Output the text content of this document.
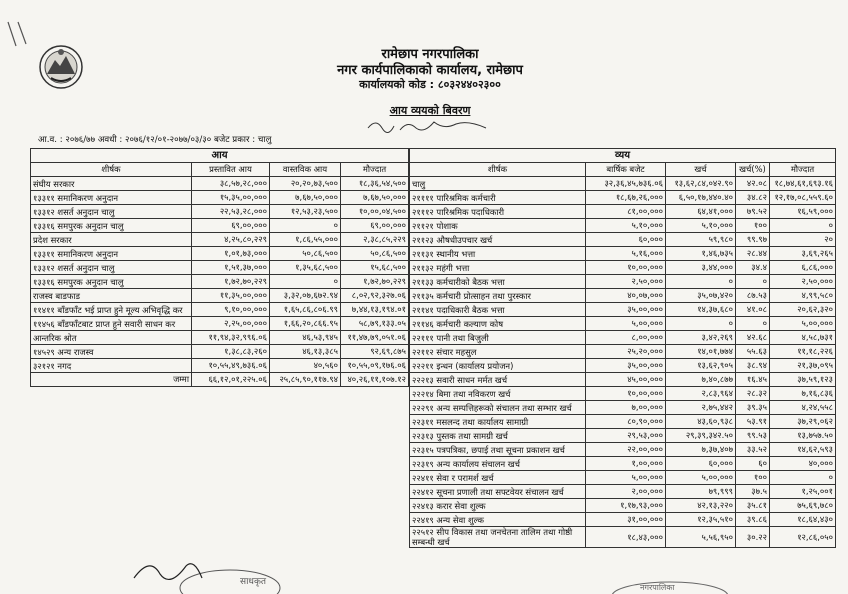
रामेछाप नगरपालिका
नगर कार्यपालिकाको कार्यालय, रामेछाप
कार्यालयको कोड : ८०३२४४०२३००
आय व्ययको बिवरण
आ.व. : २०७६/७७ अवधी : २०७६/१२/०१-२०७७/०३/३० बजेट प्रकार : चालु
आय			
शीर्षक	प्रस्तावित आय	वास्तविक आय	मौज्दात
संघीय सरकार	३८,५७,२८,०००	२०,२०,७३,५००	१८,३६,५४,५००
१३३११ समानिकरण अनुदान	१५,३५,००,०००	७,६७,५०,०००	७,६७,५०,०००
१३३१२ शसर्त अनुदान चालु	२२,५३,२८,०००	१२,५३,२३,५००	१०,००,०४,५००
१३३१६ समपुरक अनुदान चालु	६९,००,०००	०	६९,००,०००
प्रदेश सरकार	४,२५,८०,२२९	१,८६,५५,०००	२,३८,८५,२२९
१३३११ समानिकरण अनुदान	१,०१,७३,०००	५०,८६,५००	५०,८६,५००
१३३१२ शसर्त अनुदान चालु	१,५१,३७,०००	१,३५,६८,५००	१५,६८,५००
१३३१६ समपुरक अनुदान चालु	१,७२,७०,२२९	०	१,७२,७०,२२९
राजस्व बाडफाड	११,३५,००,०००	३,३२,०७,६७२.९४	८,०२,९२,३२७.०६
११४११ बाँडफाँट भई प्राप्त हुने मूल्य अभिवृद्धि कर	९,१०,००,०००	१,६५,८६,८०६.९९	७,४४,१३,१९४.०१
११४५६ बाँडफाँटबाट प्राप्त हुने सवारी साधन कर	२,२५,००,०००	१,६६,२०,८६६.९५	५८,७९,१३३.०५
आन्तरिक श्रोत	११,९४,३२,९९६.०६	४६,५३,९४५	११,४७,७९,०५१.०६
१४५२९ अन्य राजस्व	१,३८,८३,२६०	४६,१३,३८५	९२,६९,८७५
३२१२१ नगद	१०,५५,४९,७३६.०६	४०,५६०	१०,५५,०९,१७६.०६
जम्मा	६६,१२,०१,२२५.०६	२५,८५,९०,११७.९४	४०,२६,११,१०७.१२
व्यय				
शीर्षक	बार्षिक बजेट	खर्च	खर्च(%)	मौज्दात
चालु	३२,३६,४५,७३६.०६	१३,६२,८४,०४२.९०	४२.०८	१८,७४,६१,६९३.१६
२११११ पारिश्रमिक कर्मचारी	१८,६७,२६,०००	६,५०,१७,४४०.४०	३४.८२	१२,१७,०८,५५९.६०
२१११२ पारिश्रमिक पदाधिकारी	८१,००,०००	६४,४१,०००	७९.५२	१६,५९,०००
२११२१ पोशाक	५,१०,०००	५,१०,०००	१००	०
२११२३ औषधीउपचार खर्च	६०,०००	५९,९८०	९९.९७	२०
२११३१ स्थानीय भत्ता	५,१६,०००	१,४६,७३५	२८.४४	३,६९,२६५
२११३२ महंगी भत्ता	१०,००,०००	३,४४,०००	३४.४	६,८६,०००
२११३३ कर्मचारीको बैठक भत्ता	२,५०,०००	०	०	२,५०,०००
२११३५ कर्मचारी प्रोत्साहन तथा पुरस्कार	४०,०७,०००	३५,०७,४२०	८७.५३	४,९९,५८०
२११४१ पदाधिकारी बैठक भत्ता	३५,००,०००	१४,३७,६८०	४१.०८	२०,६२,३२०
२११४६ कर्मचारी कल्याण कोष	५,००,०००	०	०	५,००,०००
२२१११ पानी तथा बिजुली	८,००,०००	३,४२,२६९	४२.६८	४,५८,७३१
२२११२ संचार महसुल	२५,२०,०००	१४,०१,७७४	५५.६३	११,१८,२२६
२२२११ इन्धन (कार्यालय प्रयोजन)	३५,००,०००	१३,६२,९०५	३८.९४	२१,३७,०९५
२२२१३ सवारी साधन मर्मत खर्च	४५,००,०००	७,४०,८७७	१६.४५	३७,५९,१२३
२२२१४ बिमा तथा नविकरण खर्च	१०,००,०००	२,८३,९६४	२८.३२	७,१६,८३६
२२२९१ अन्य सम्पत्तिहरूको संचालन तथा सम्भार खर्च	७,००,०००	२,७५,४४२	३९.३५	४,२४,५५८
२२३११ मसलन्द तथा कार्यालय सामाग्री	८०,९०,०००	४३,६०,९३८	५३.९१	३७,२९,०६२
२२३१३ पुस्तक तथा सामग्री खर्च	२९,५३,०००	२९,३९,३४२.५०	९९.५३	१३,७५७.५०
२२३१५ पत्रपत्रिका, छपाई तथा सूचना प्रकाशन खर्च	२२,००,०००	७,३७,४०७	३३.५२	१४,६२,५९३
२२३१९ अन्य कार्यालय संचालन खर्च	१,००,०००	६०,०००	६०	४०,०००
२२४११ सेवा र परामर्श खर्च	५,००,०००	५,००,०००	१००	०
२२४१२ सूचना प्रणाली तथा सफ्टवेयर संचालन खर्च	२,००,०००	७९,९९९	३७.५	१,२५,००१
२२४१३ करार सेवा शुल्क	१,१७,९३,०००	४२,१३,२२०	३५.८१	७५,६९,७८०
२२४१९ अन्य सेवा शुल्क	३१,००,०००	१२,३५,५१०	३९.८६	१८,६४,४३०
२२५१२ सीप विकास तथा जनचेतना तालिम तथा गोष्ठी सम्बन्धी खर्च	१८,४३,०००	५,५६,९५०	३०.२२	१२,८६,०५०
साधकृत
नगरपालिका
